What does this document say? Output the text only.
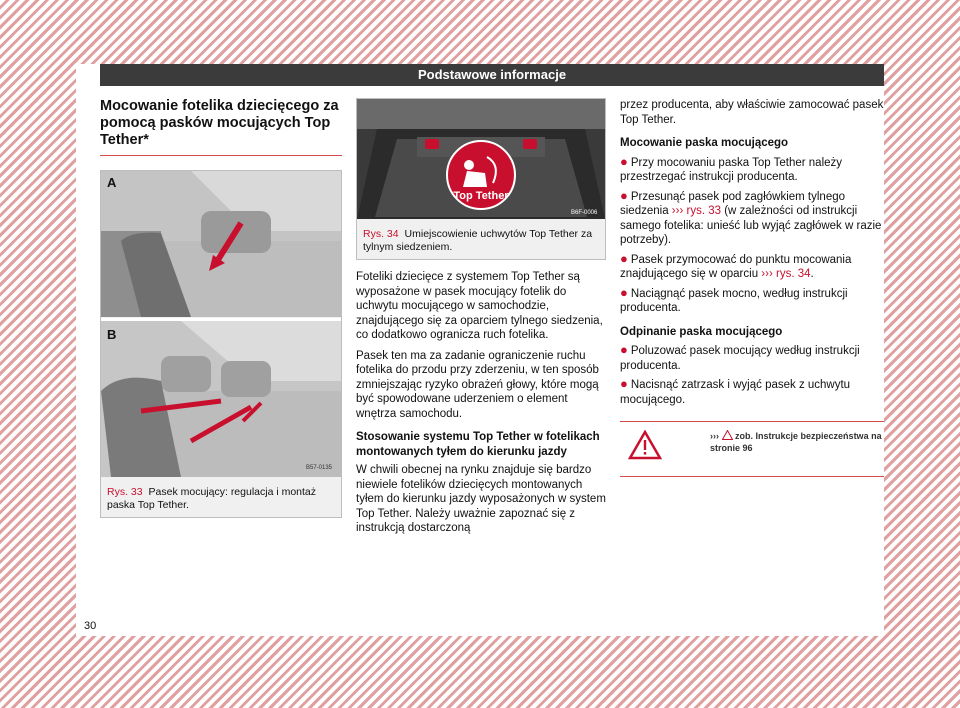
Podstawowe informacje
Mocowanie fotelika dziecięcego za pomocą pasków mocujących Top Tether*
A
B
B57-0135
Rys. 33 Pasek mocujący: regulacja i montaż paska Top Tether.
Top Tether
B6F-0006
Rys. 34 Umiejscowienie uchwytów Top Tether za tylnym siedzeniem.

Foteliki dziecięce z systemem Top Tether są wyposażone w pasek mocujący fotelik do uchwytu mocującego w samochodzie, znajdującego się za oparciem tylnego siedzenia, co dodatkowo ogranicza ruch fotelika.

Pasek ten ma za zadanie ograniczenie ruchu fotelika do przodu przy zderzeniu, w ten sposób zmniejszając ryzyko obrażeń głowy, które mogą być spowodowane uderzeniem o element wnętrza samochodu.

Stosowanie systemu Top Tether w fotelikach montowanych tyłem do kierunku jazdy

W chwili obecnej na rynku znajduje się bardzo niewiele fotelików dziecięcych montowanych tyłem do kierunku jazdy wyposażonych w system Top Tether. Należy uważnie zapoznać się z instrukcją dostarczoną

przez producenta, aby właściwie zamocować pasek Top Tether.

Mocowanie paska mocującego
● Przy mocowaniu paska Top Tether należy przestrzegać instrukcji producenta.
● Przesunąć pasek pod zagłówkiem tylnego siedzenia ››› rys. 33 (w zależności od instrukcji samego fotelika: unieść lub wyjąć zagłówek w razie potrzeby).
● Pasek przymocować do punktu mocowania znajdującego się w oparciu ››› rys. 34.
● Naciągnąć pasek mocno, według instrukcji producenta.
Odpinanie paska mocującego
● Poluzować pasek mocujący według instrukcji producenta.
● Nacisnąć zatrzask i wyjąć pasek z uchwytu mocującego.
››› zob. Instrukcje bezpieczeństwa na stronie 96
30
